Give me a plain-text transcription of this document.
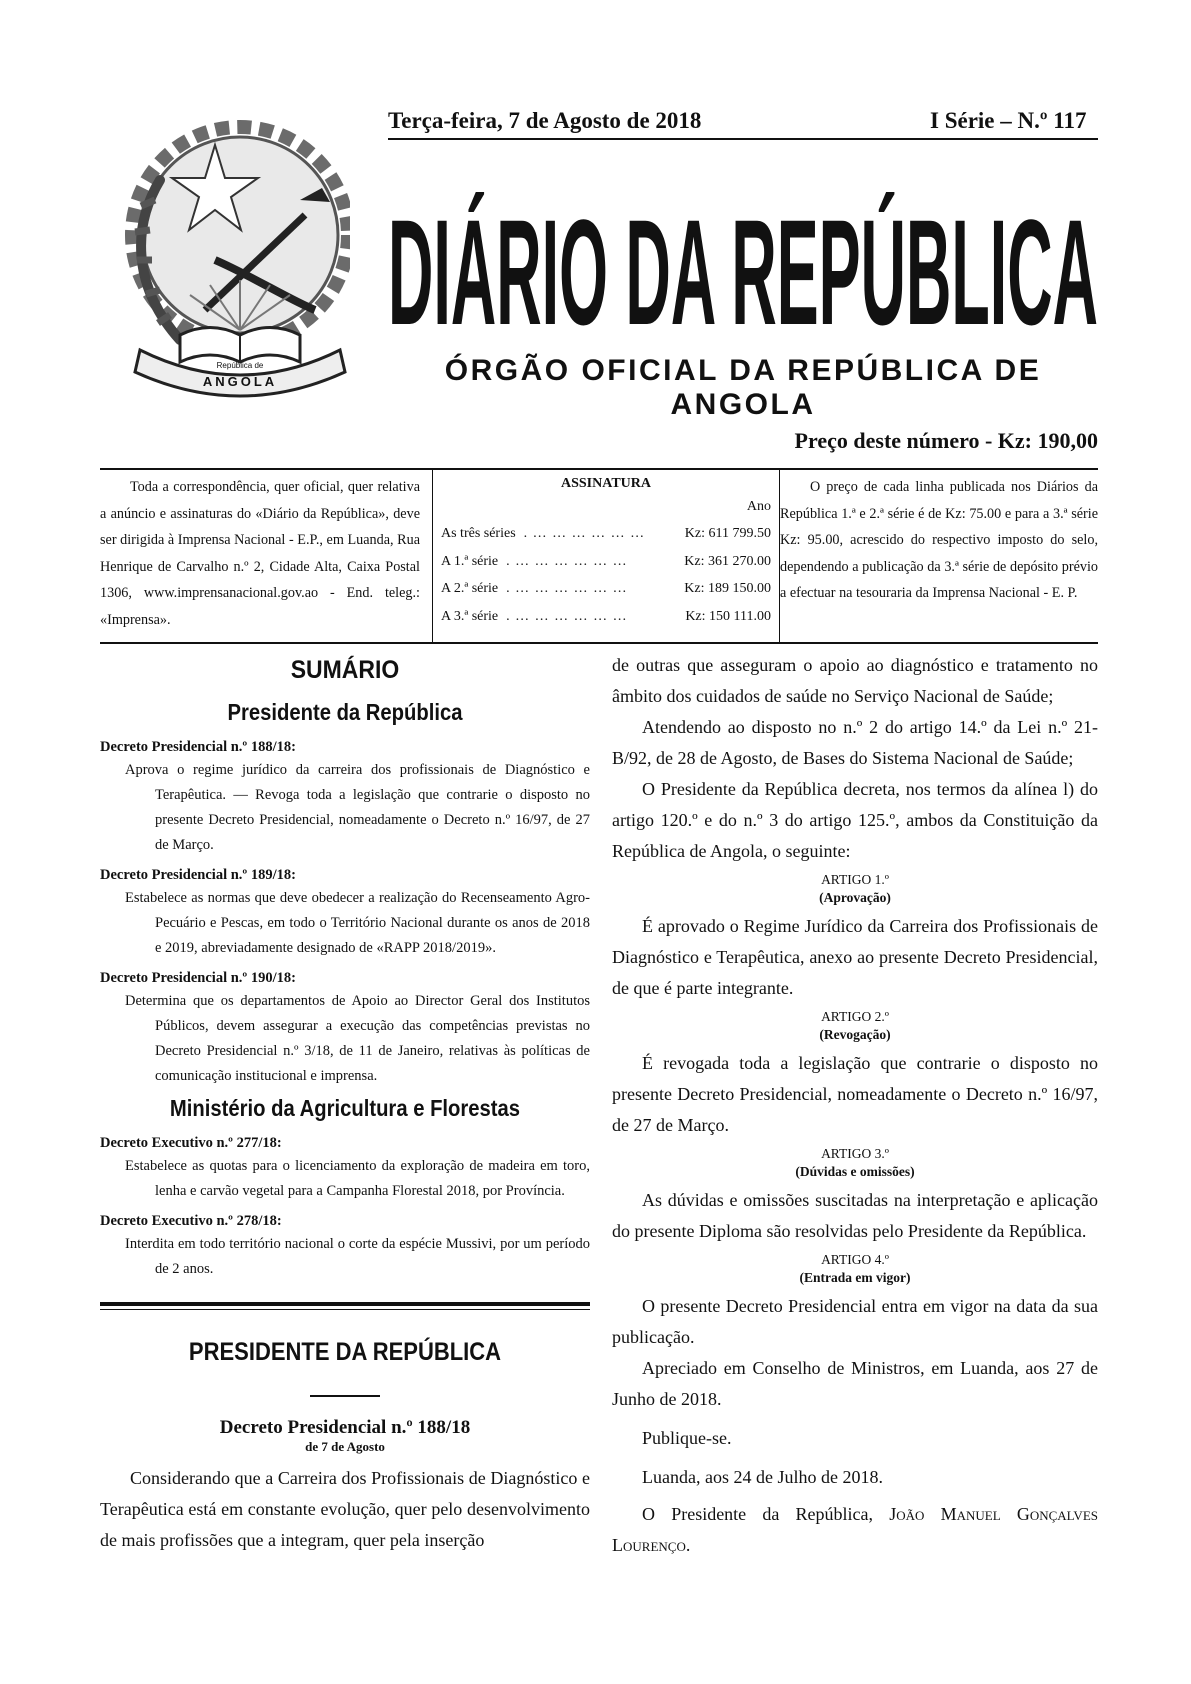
ANGOLA
República de
Terça-feira, 7 de Agosto de 2018	I Série – N.º 117
DIÁRIO DA REPÚBLICA
ÓRGÃO OFICIAL DA REPÚBLICA DE ANGOLA
Preço deste número - Kz: 190,00
Toda a correspondência, quer oficial, quer relativa a anúncio e assinaturas do «Diário da República», deve ser dirigida à Imprensa Nacional - E.P., em Luanda, Rua Henrique de Carvalho n.º 2, Cidade Alta, Caixa Postal 1306, www.imprensanacional.gov.ao - End. teleg.: «Imprensa».
ASSINATURA
Ano
As três séries . … … … … … …	Kz: 611 799.50
A 1.ª série . … … … … … …	Kz: 361 270.00
A 2.ª série . … … … … … …	Kz: 189 150.00
A 3.ª série . … … … … … …	Kz: 150 111.00
O preço de cada linha publicada nos Diários da República 1.ª e 2.ª série é de Kz: 75.00 e para a 3.ª série Kz: 95.00, acrescido do respectivo imposto do selo, dependendo a publicação da 3.ª série de depósito prévio a efectuar na tesouraria da Imprensa Nacional - E. P.
SUMÁRIO
Presidente da República
Decreto Presidencial n.º 188/18:
Aprova o regime jurídico da carreira dos profissionais de Diagnóstico e Terapêutica. — Revoga toda a legislação que contrarie o disposto no presente Decreto Presidencial, nomeadamente o Decreto n.º 16/97, de 27 de Março.
Decreto Presidencial n.º 189/18:
Estabelece as normas que deve obedecer a realização do Recenseamento Agro-Pecuário e Pescas, em todo o Território Nacional durante os anos de 2018 e 2019, abreviadamente designado de «RAPP 2018/2019».
Decreto Presidencial n.º 190/18:
Determina que os departamentos de Apoio ao Director Geral dos Institutos Públicos, devem assegurar a execução das competências previstas no Decreto Presidencial n.º 3/18, de 11 de Janeiro, relativas às políticas de comunicação institucional e imprensa.
Ministério da Agricultura e Florestas
Decreto Executivo n.º 277/18:
Estabelece as quotas para o licenciamento da exploração de madeira em toro, lenha e carvão vegetal para a Campanha Florestal 2018, por Província.
Decreto Executivo n.º 278/18:
Interdita em todo território nacional o corte da espécie Mussivi, por um período de 2 anos.
PRESIDENTE DA REPÚBLICA
Decreto Presidencial n.º 188/18
de 7 de Agosto

Considerando que a Carreira dos Profissionais de Diagnóstico e Terapêutica está em constante evolução, quer pelo desenvolvimento de mais profissões que a integram, quer pela inserção

de outras que asseguram o apoio ao diagnóstico e tratamento no âmbito dos cuidados de saúde no Serviço Nacional de Saúde;

Atendendo ao disposto no n.º 2 do artigo 14.º da Lei n.º 21-B/92, de 28 de Agosto, de Bases do Sistema Nacional de Saúde;

O Presidente da República decreta, nos termos da alínea l) do artigo 120.º e do n.º 3 do artigo 125.º, ambos da Constituição da República de Angola, o seguinte:

ARTIGO 1.º
(Aprovação)

É aprovado o Regime Jurídico da Carreira dos Profissionais de Diagnóstico e Terapêutica, anexo ao presente Decreto Presidencial, de que é parte integrante.

ARTIGO 2.º
(Revogação)

É revogada toda a legislação que contrarie o disposto no presente Decreto Presidencial, nomeadamente o Decreto n.º 16/97, de 27 de Março.

ARTIGO 3.º
(Dúvidas e omissões)

As dúvidas e omissões suscitadas na interpretação e aplicação do presente Diploma são resolvidas pelo Presidente da República.

ARTIGO 4.º
(Entrada em vigor)

O presente Decreto Presidencial entra em vigor na data da sua publicação.

Apreciado em Conselho de Ministros, em Luanda, aos 27 de Junho de 2018.

Publique-se.

Luanda, aos 24 de Julho de 2018.

O Presidente da República, João Manuel Gonçalves Lourenço.
